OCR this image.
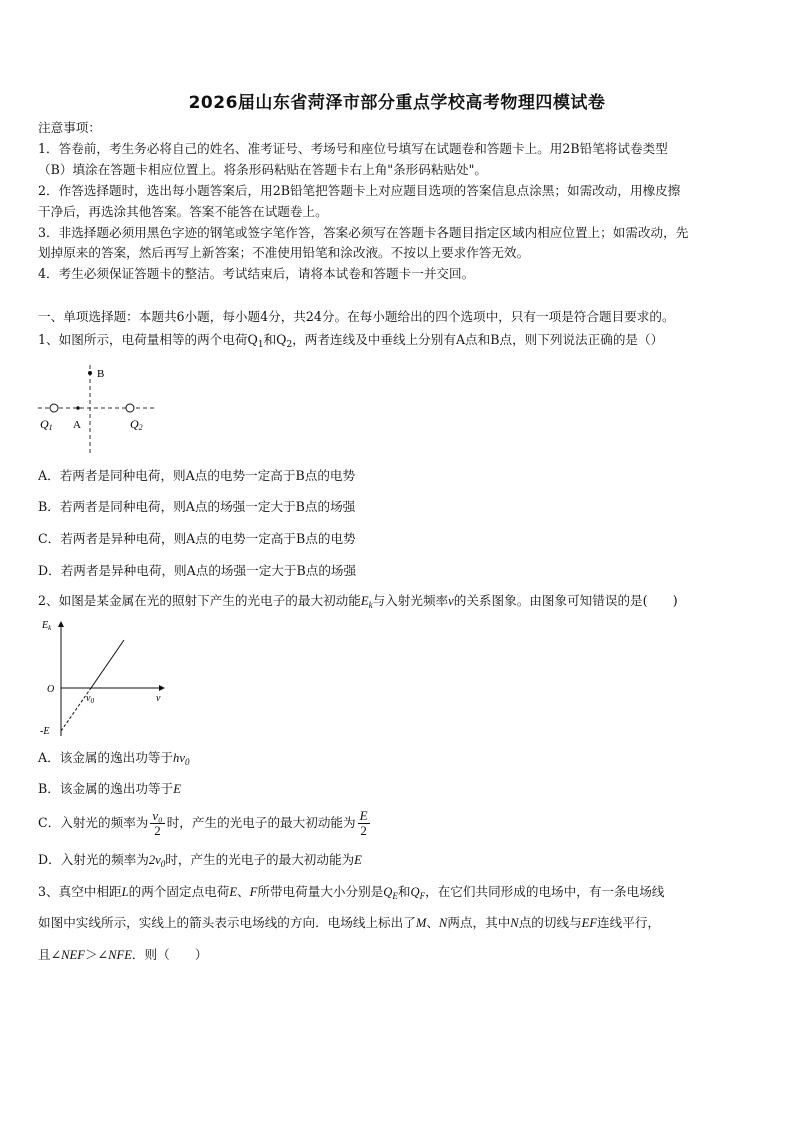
2026届山东省菏泽市部分重点学校高考物理四模试卷
注意事项：
1．答卷前，考生务必将自己的姓名、准考证号、考场号和座位号填写在试题卷和答题卡上。用2B铅笔将试卷类型
（B）填涂在答题卡相应位置上。将条形码粘贴在答题卡右上角"条形码粘贴处"。
2．作答选择题时，选出每小题答案后，用2B铅笔把答题卡上对应题目选项的答案信息点涂黑；如需改动，用橡皮擦
干净后，再选涂其他答案。答案不能答在试题卷上。
3．非选择题必须用黑色字迹的钢笔或签字笔作答，答案必须写在答题卡各题目指定区域内相应位置上；如需改动，先
划掉原来的答案，然后再写上新答案；不准使用铅笔和涂改液。不按以上要求作答无效。
4．考生必须保证答题卡的整洁。考试结束后，请将本试卷和答题卡一并交回。
一、单项选择题：本题共6小题，每小题4分，共24分。在每小题给出的四个选项中，只有一项是符合题目要求的。
1、如图所示，电荷量相等的两个电荷$Q_1$和$Q_2$，两者连线及中垂线上分别有A点和B点，则下列说法正确的是（）
B
Q1 A	Q2
A．若两者是同种电荷，则A点的电势一定高于B点的电势
B．若两者是同种电荷，则A点的场强一定大于B点的场强
C．若两者是异种电荷，则A点的电势一定高于B点的电势
D．若两者是异种电荷，则A点的场强一定大于B点的场强
2、如图是某金属在光的照射下产生的光电子的最大初动能$E_k$与入射光频率ν的关系图象。由图象可知错误的是(　　)
$E_k$
O
$\nu_0$	ν
-E
A．该金属的逸出功等于$h\nu_0$
B．该金属的逸出功等于E
C．入射光的频率为 $\frac{\text{ν₀}}{2}$ 时，产生的光电子的最大初动能为 $\frac{E}{2}$
D．入射光的频率为$2\nu_0$时，产生的光电子的最大初动能为E
3、真空中相距L的两个固定点电荷E、F所带电荷量大小分别是$Q_E$和$Q_F$，在它们共同形成的电场中，有一条电场线
如图中实线所示，实线上的箭头表示电场线的方向．电场线上标出了M、N两点，其中N点的切线与EF连线平行，
且∠NEF＞∠NFE．则（　　）
